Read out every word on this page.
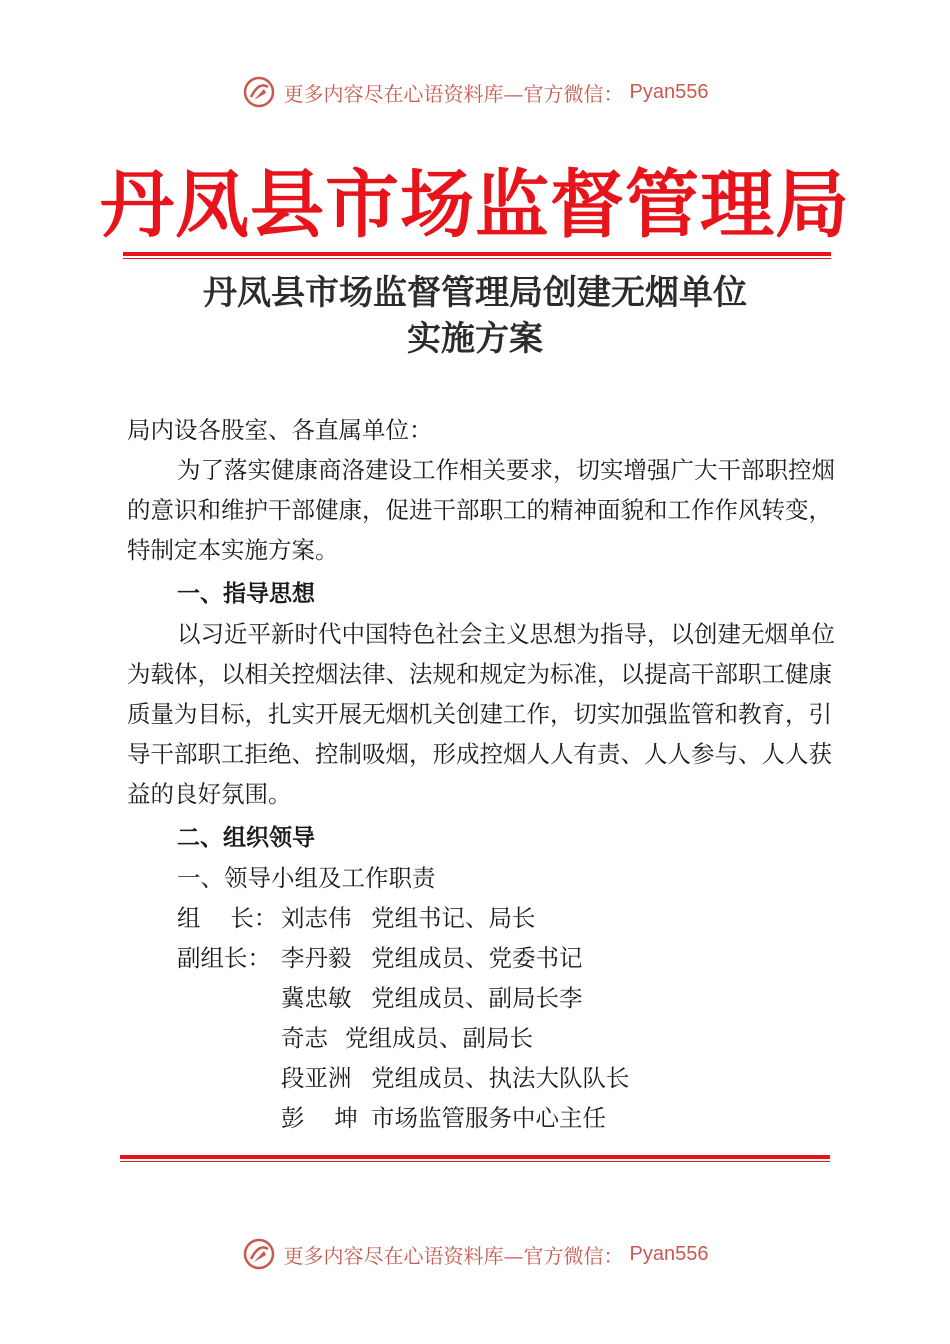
更多内容尽在心语资料库—官方微信： Pyan556
丹凤县市场监督管理局
丹凤县市场监督管理局创建无烟单位
实施方案

局内设各股室、各直属单位：

为了落实健康商洛建设工作相关要求，切实增强广大干部职控烟的意识和维护干部健康，促进干部职工的精神面貌和工作作风转变，特制定本实施方案。

一、指导思想

以习近平新时代中国特色社会主义思想为指导，以创建无烟单位为载体，以相关控烟法律、法规和规定为标准，以提高干部职工健康质量为目标，扎实开展无烟机关创建工作，切实加强监管和教育，引导干部职工拒绝、控制吸烟，形成控烟人人有责、人人参与、人人获益的良好氛围。

二、组织领导

一、领导小组及工作职责

组    长： 刘志伟 党组书记、局长
副组长： 李丹毅 党组成员、党委书记
冀忠敏 党组成员、副局长李
奇志 党组成员、副局长
段亚洲 党组成员、执法大队队长
彭    坤 市场监管服务中心主任
更多内容尽在心语资料库—官方微信： Pyan556
